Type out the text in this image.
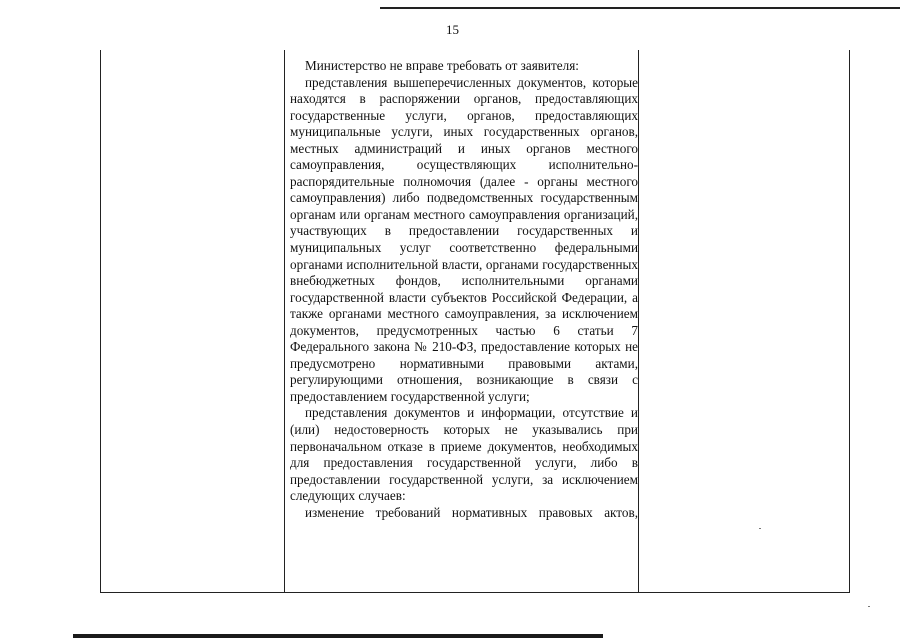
15

Министерство не вправе требовать от заявителя:

представления вышеперечисленных документов, которые находятся в распоряжении органов, предоставляющих государственные услуги, органов, предоставляющих муниципальные услуги, иных государственных органов, местных администраций и иных органов местного самоуправления, осуществляющих исполнительно-распорядительные полномочия (далее - органы местного самоуправления) либо подведомственных государственным органам или органам местного самоуправления организаций, участвующих в предоставлении государственных и муниципальных услуг соответственно федеральными органами исполнительной власти, органами государственных внебюджетных фондов, исполнительными органами государственной власти субъектов Российской Федерации, а также органами местного самоуправления, за исключением документов, предусмотренных частью 6 статьи 7 Федерального закона № 210-ФЗ, предоставление которых не предусмотрено нормативными правовыми актами, регулирующими отношения, возникающие в связи с предоставлением государственной услуги;

представления документов и информации, отсутствие и (или) недостоверность которых не указывались при первоначальном отказе в приеме документов, необходимых для предоставления государственной услуги, либо в предоставлении государственной услуги, за исключением следующих случаев:

изменение требований нормативных правовых актов,
